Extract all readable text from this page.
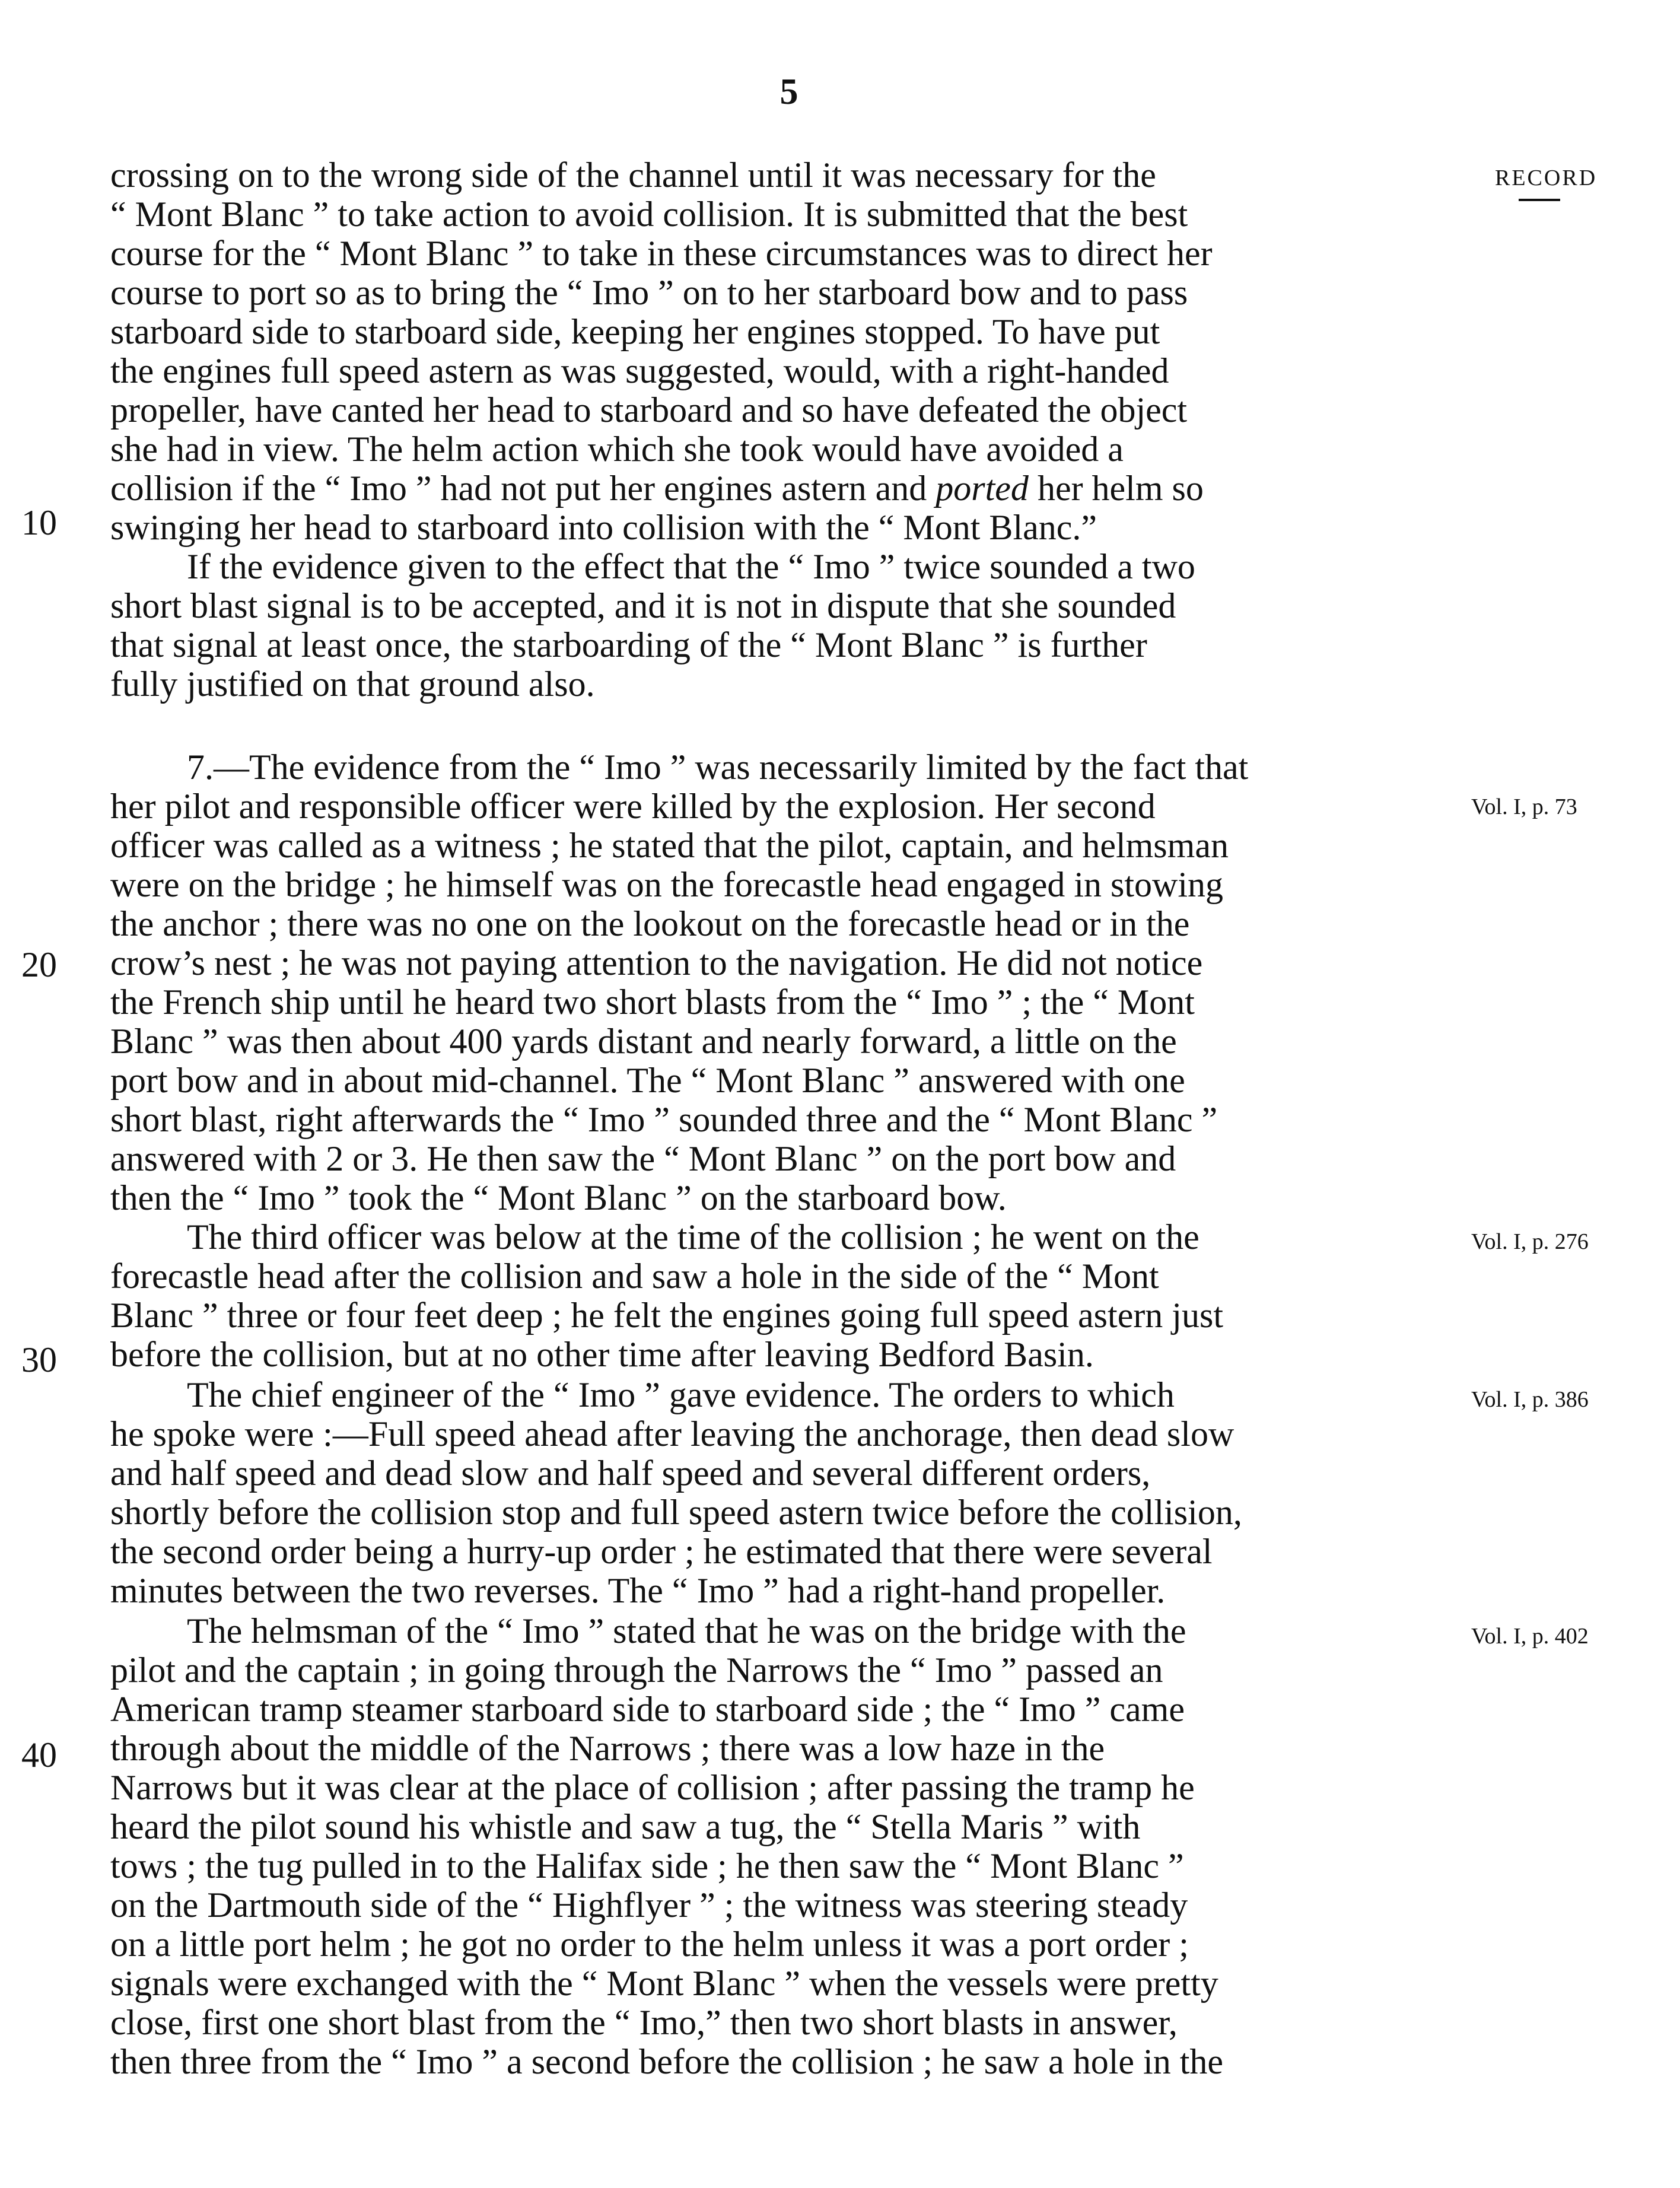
5
RECORD
10
20
30
40
Vol. I, p. 73
Vol. I, p. 276
Vol. I, p. 386
Vol. I, p. 402
crossing on to the wrong side of the channel until it was necessary for the
“ Mont Blanc ” to take action to avoid collision. It is submitted that the best
course for the “ Mont Blanc ” to take in these circumstances was to direct her
course to port so as to bring the “ Imo ” on to her starboard bow and to pass
starboard side to starboard side, keeping her engines stopped. To have put
the engines full speed astern as was suggested, would, with a right-handed
propeller, have canted her head to starboard and so have defeated the object
she had in view. The helm action which she took would have avoided a
collision if the “ Imo ” had not put her engines astern and ported her helm so
swinging her head to starboard into collision with the “ Mont Blanc.”
If the evidence given to the effect that the “ Imo ” twice sounded a two
short blast signal is to be accepted, and it is not in dispute that she sounded
that signal at least once, the starboarding of the “ Mont Blanc ” is further
fully justified on that ground also.
7.—The evidence from the “ Imo ” was necessarily limited by the fact that
her pilot and responsible officer were killed by the explosion. Her second
officer was called as a witness ; he stated that the pilot, captain, and helmsman
were on the bridge ; he himself was on the forecastle head engaged in stowing
the anchor ; there was no one on the lookout on the forecastle head or in the
crow’s nest ; he was not paying attention to the navigation. He did not notice
the French ship until he heard two short blasts from the “ Imo ” ; the “ Mont
Blanc ” was then about 400 yards distant and nearly forward, a little on the
port bow and in about mid-channel. The “ Mont Blanc ” answered with one
short blast, right afterwards the “ Imo ” sounded three and the “ Mont Blanc ”
answered with 2 or 3. He then saw the “ Mont Blanc ” on the port bow and
then the “ Imo ” took the “ Mont Blanc ” on the starboard bow.
The third officer was below at the time of the collision ; he went on the
forecastle head after the collision and saw a hole in the side of the “ Mont
Blanc ” three or four feet deep ; he felt the engines going full speed astern just
before the collision, but at no other time after leaving Bedford Basin.
The chief engineer of the “ Imo ” gave evidence. The orders to which
he spoke were :—Full speed ahead after leaving the anchorage, then dead slow
and half speed and dead slow and half speed and several different orders,
shortly before the collision stop and full speed astern twice before the collision,
the second order being a hurry-up order ; he estimated that there were several
minutes between the two reverses. The “ Imo ” had a right-hand propeller.
The helmsman of the “ Imo ” stated that he was on the bridge with the
pilot and the captain ; in going through the Narrows the “ Imo ” passed an
American tramp steamer starboard side to starboard side ; the “ Imo ” came
through about the middle of the Narrows ; there was a low haze in the
Narrows but it was clear at the place of collision ; after passing the tramp he
heard the pilot sound his whistle and saw a tug, the “ Stella Maris ” with
tows ; the tug pulled in to the Halifax side ; he then saw the “ Mont Blanc ”
on the Dartmouth side of the “ Highflyer ” ; the witness was steering steady
on a little port helm ; he got no order to the helm unless it was a port order ;
signals were exchanged with the “ Mont Blanc ” when the vessels were pretty
close, first one short blast from the “ Imo,” then two short blasts in answer,
then three from the “ Imo ” a second before the collision ; he saw a hole in the
